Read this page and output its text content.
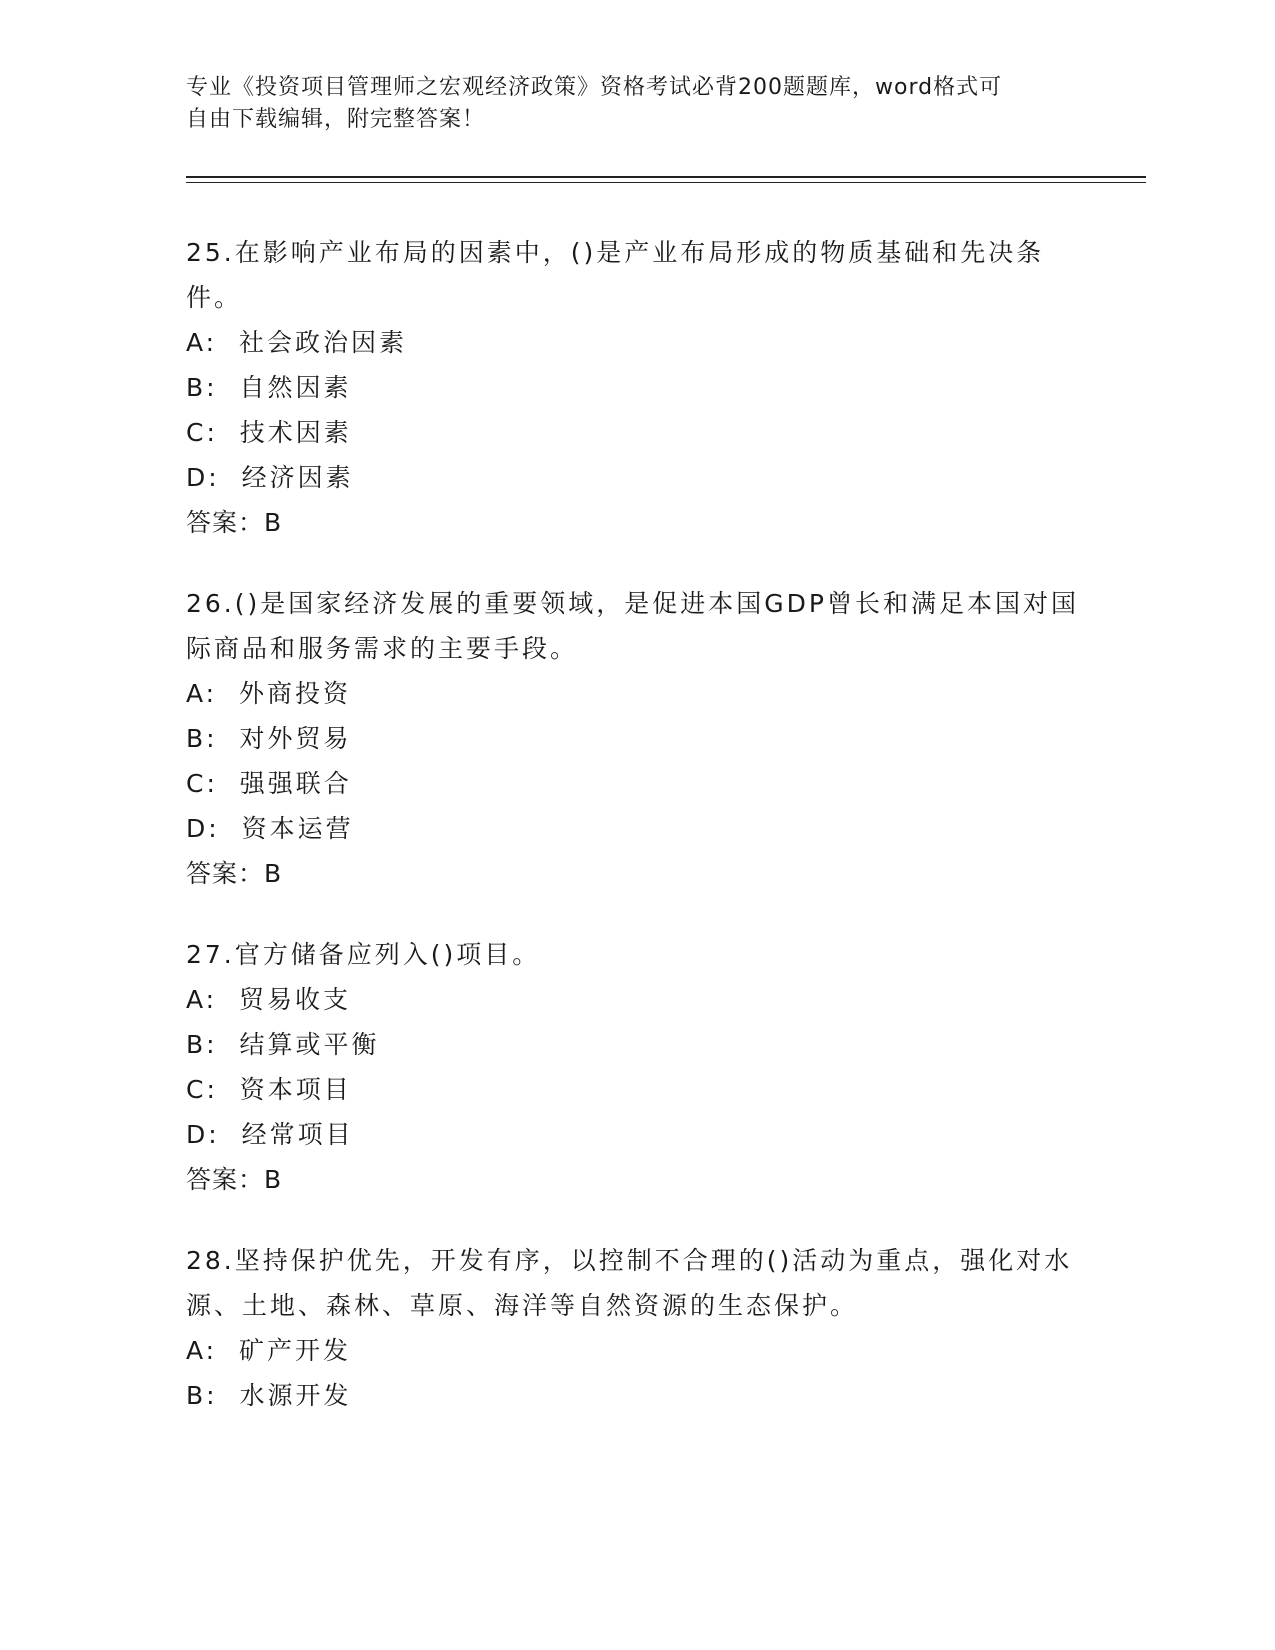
专业《投资项目管理师之宏观经济政策》资格考试必背200题题库，word格式可
自由下载编辑，附完整答案！

25.在影响产业布局的因素中，()是产业布局形成的物质基础和先决条件。

A:  社会政治因素

B:  自然因素

C:  技术因素

D:  经济因素

答案：B

26.()是国家经济发展的重要领域，是促进本国GDP曾长和满足本国对国际商品和服务需求的主要手段。

A:  外商投资

B:  对外贸易

C:  强强联合

D:  资本运营

答案：B

27.官方储备应列入()项目。

A:  贸易收支

B:  结算或平衡

C:  资本项目

D:  经常项目

答案：B

28.坚持保护优先，开发有序，以控制不合理的()活动为重点，强化对水源、土地、森林、草原、海洋等自然资源的生态保护。

A:  矿产开发

B:  水源开发
